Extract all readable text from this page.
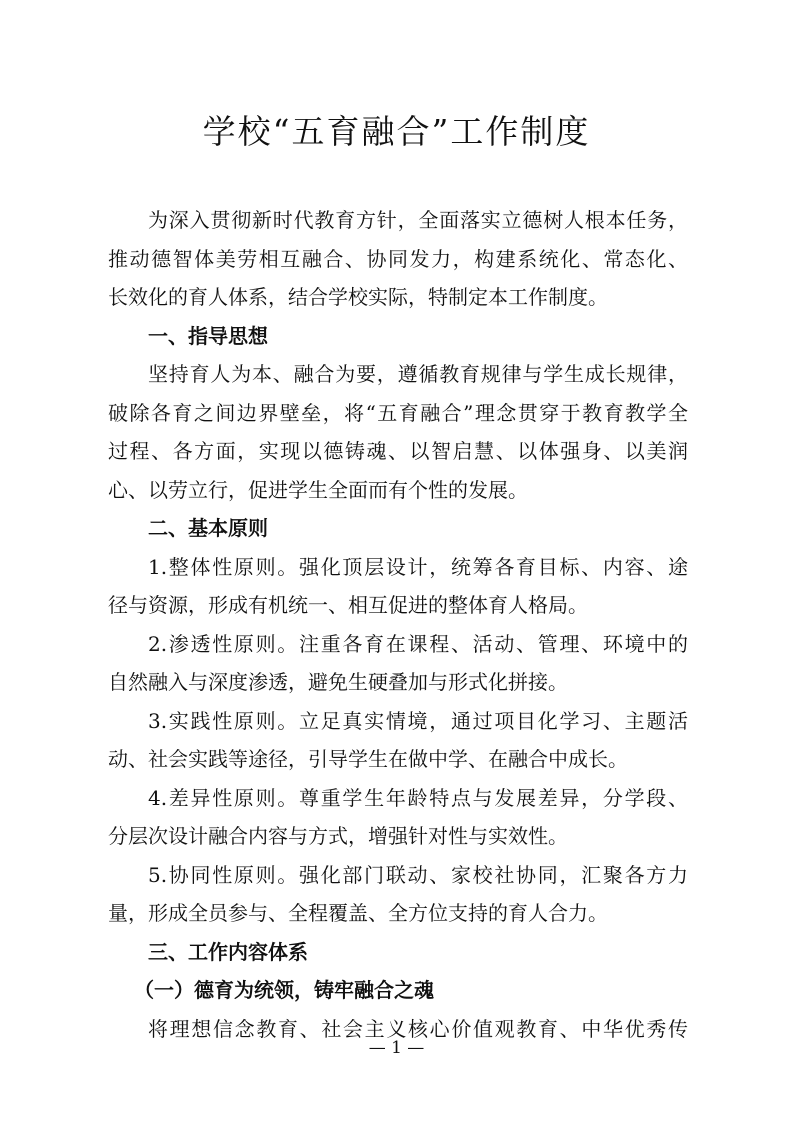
学校“五育融合”工作制度
为深入贯彻新时代教育方针，全面落实立德树人根本任务，
推动德智体美劳相互融合、协同发力，构建系统化、常态化、
长效化的育人体系，结合学校实际，特制定本工作制度。
一、指导思想
坚持育人为本、融合为要，遵循教育规律与学生成长规律，
破除各育之间边界壁垒，将“五育融合”理念贯穿于教育教学全
过程、各方面，实现以德铸魂、以智启慧、以体强身、以美润
心、以劳立行，促进学生全面而有个性的发展。
二、基本原则
1.整体性原则。强化顶层设计，统筹各育目标、内容、途
径与资源，形成有机统一、相互促进的整体育人格局。
2.渗透性原则。注重各育在课程、活动、管理、环境中的
自然融入与深度渗透，避免生硬叠加与形式化拼接。
3.实践性原则。立足真实情境，通过项目化学习、主题活
动、社会实践等途径，引导学生在做中学、在融合中成长。
4.差异性原则。尊重学生年龄特点与发展差异，分学段、
分层次设计融合内容与方式，增强针对性与实效性。
5.协同性原则。强化部门联动、家校社协同，汇聚各方力
量，形成全员参与、全程覆盖、全方位支持的育人合力。
三、工作内容体系
（一）德育为统领，铸牢融合之魂
将理想信念教育、社会主义核心价值观教育、中华优秀传
— 1 —
